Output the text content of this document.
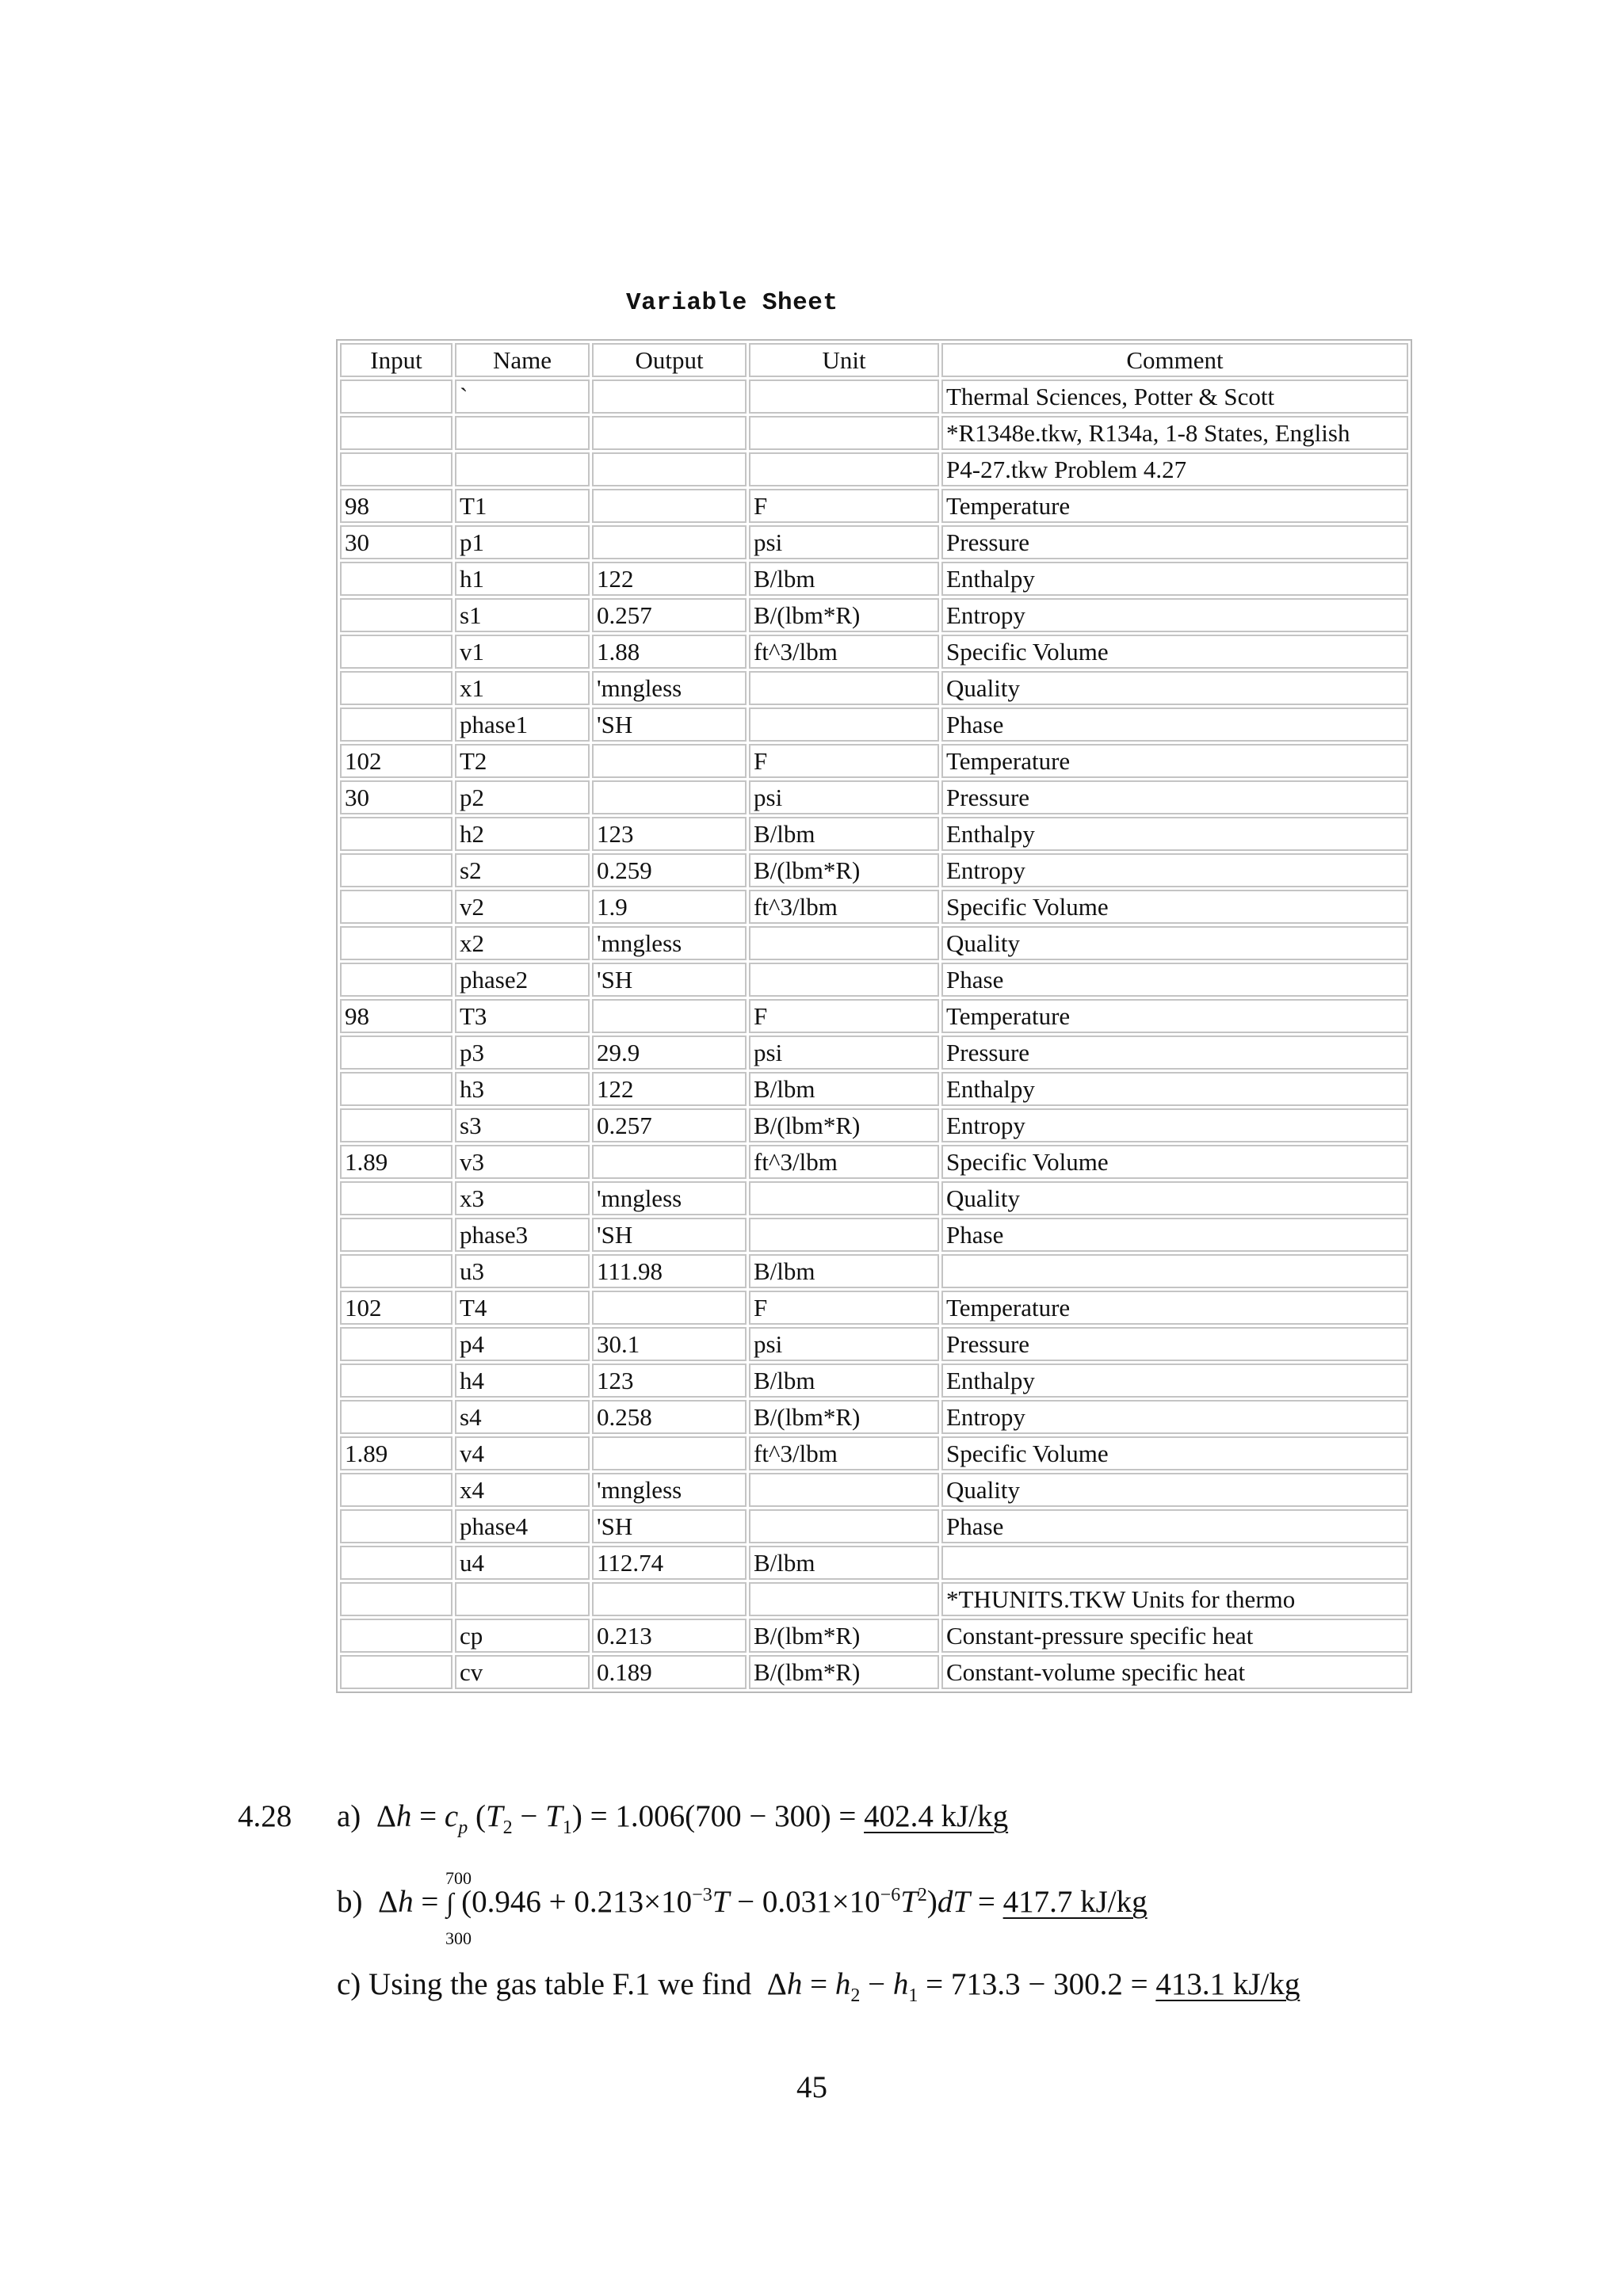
Variable Sheet
Input	Name	Output	Unit	Comment
	`			Thermal Sciences, Potter & Scott
				*R1348e.tkw, R134a, 1-8 States, English
				P4-27.tkw Problem 4.27
98	T1		F	Temperature
30	p1		psi	Pressure
	h1	122	B/lbm	Enthalpy
	s1	0.257	B/(lbm*R)	Entropy
	v1	1.88	ft^3/lbm	Specific Volume
	x1	'mngless		Quality
	phase1	'SH		Phase
102	T2		F	Temperature
30	p2		psi	Pressure
	h2	123	B/lbm	Enthalpy
	s2	0.259	B/(lbm*R)	Entropy
	v2	1.9	ft^3/lbm	Specific Volume
	x2	'mngless		Quality
	phase2	'SH		Phase
98	T3		F	Temperature
	p3	29.9	psi	Pressure
	h3	122	B/lbm	Enthalpy
	s3	0.257	B/(lbm*R)	Entropy
1.89	v3		ft^3/lbm	Specific Volume
	x3	'mngless		Quality
	phase3	'SH		Phase
	u3	111.98	B/lbm	
102	T4		F	Temperature
	p4	30.1	psi	Pressure
	h4	123	B/lbm	Enthalpy
	s4	0.258	B/(lbm*R)	Entropy
1.89	v4		ft^3/lbm	Specific Volume
	x4	'mngless		Quality
	phase4	'SH		Phase
	u4	112.74	B/lbm	
				*THUNITS.TKW Units for thermo
	cp	0.213	B/(lbm*R)	Constant-pressure specific heat
	cv	0.189	B/(lbm*R)	Constant-volume specific heat
4.28 a)  $\Delta h = c_p$ $(T_2 - T_1) = 1.006(700 - 300) = 402.4$ kJ/kg
700
300
b)  Δh = ∫ $(0.946 + 0.213\times 10^{-3}T - 0.031\times 10^{-6}T^2)dT = 417.7$ kJ/kg
c) Using the gas table F.1 we find  $\Delta h = h_2 - h_1 = 713.3 - 300.2 = 413.1$ kJ/kg
45
